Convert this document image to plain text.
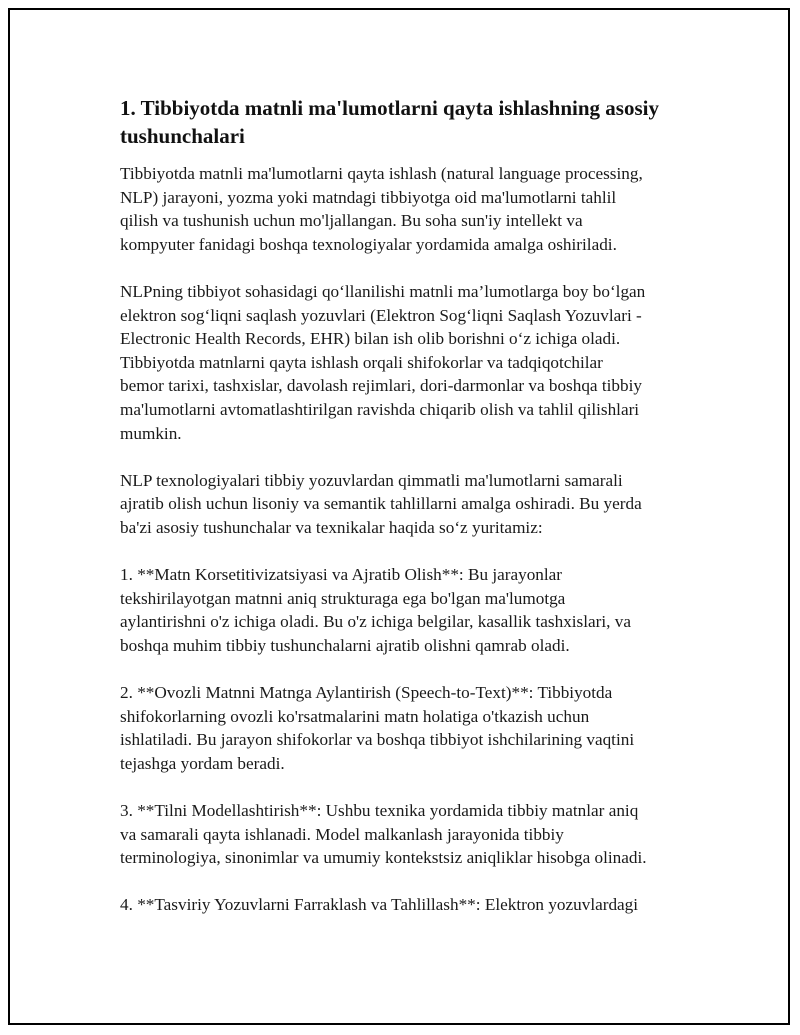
1. Tibbiyotda matnli ma'lumotlarni qayta ishlashning asosiy
tushunchalari

Tibbiyotda matnli ma'lumotlarni qayta ishlash (natural language processing,
NLP) jarayoni, yozma yoki matndagi tibbiyotga oid ma'lumotlarni tahlil
qilish va tushunish uchun mo'ljallangan. Bu soha sun'iy intellekt va
kompyuter fanidagi boshqa texnologiyalar yordamida amalga oshiriladi.

NLPning tibbiyot sohasidagi qo‘llanilishi matnli ma’lumotlarga boy bo‘lgan
elektron sog‘liqni saqlash yozuvlari (Elektron Sog‘liqni Saqlash Yozuvlari -
Electronic Health Records, EHR) bilan ish olib borishni o‘z ichiga oladi.
Tibbiyotda matnlarni qayta ishlash orqali shifokorlar va tadqiqotchilar
bemor tarixi, tashxislar, davolash rejimlari, dori-darmonlar va boshqa tibbiy
ma'lumotlarni avtomatlashtirilgan ravishda chiqarib olish va tahlil qilishlari
mumkin.

NLP texnologiyalari tibbiy yozuvlardan qimmatli ma'lumotlarni samarali
ajratib olish uchun lisoniy va semantik tahlillarni amalga oshiradi. Bu yerda
ba'zi asosiy tushunchalar va texnikalar haqida so‘z yuritamiz:

1. **Matn Korsetitivizatsiyasi va Ajratib Olish**: Bu jarayonlar
tekshirilayotgan matnni aniq strukturaga ega bo'lgan ma'lumotga
aylantirishni o'z ichiga oladi. Bu o'z ichiga belgilar, kasallik tashxislari, va
boshqa muhim tibbiy tushunchalarni ajratib olishni qamrab oladi.

2. **Ovozli Matnni Matnga Aylantirish (Speech-to-Text)**: Tibbiyotda
shifokorlarning ovozli ko'rsatmalarini matn holatiga o'tkazish uchun
ishlatiladi. Bu jarayon shifokorlar va boshqa tibbiyot ishchilarining vaqtini
tejashga yordam beradi.

3. **Tilni Modellashtirish**: Ushbu texnika yordamida tibbiy matnlar aniq
va samarali qayta ishlanadi. Model malkanlash jarayonida tibbiy
terminologiya, sinonimlar va umumiy kontekstsiz aniqliklar hisobga olinadi.

4. **Tasviriy Yozuvlarni Farraklash va Tahlillash**: Elektron yozuvlardagi
